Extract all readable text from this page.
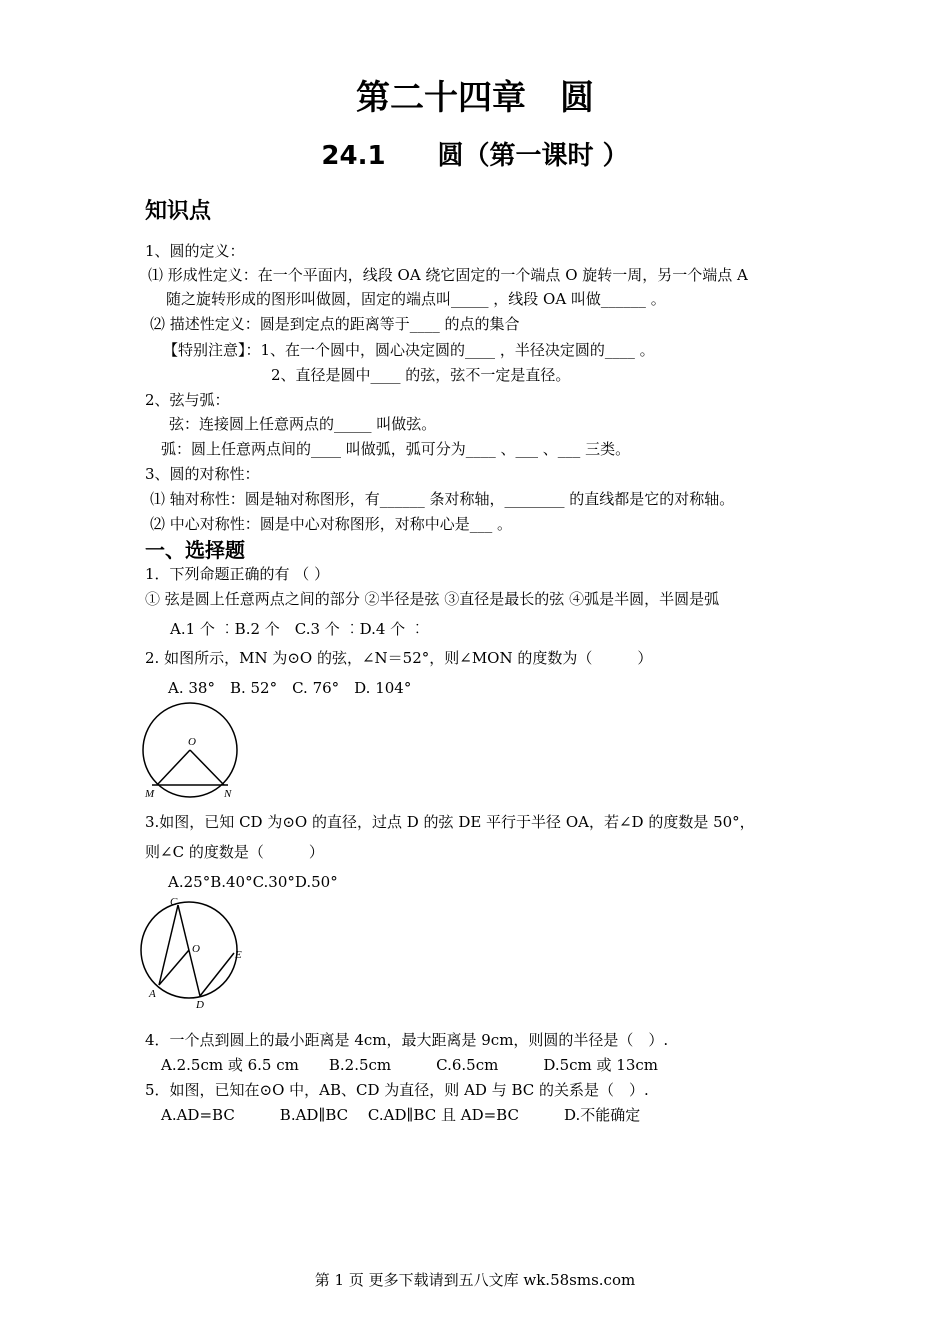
第二十四章　圆
24.1　　圆（第一课时 ）
知识点
1、圆的定义：
⑴ 形成性定义：在一个平面内，线段 OA 绕它固定的一个端点 O 旋转一周，另一个端点 A
随之旋转形成的图形叫做圆，固定的端点叫_____ ，线段 OA 叫做______ 。
⑵ 描述性定义：圆是到定点的距离等于____ 的点的集合
【特别注意】：1、在一个圆中，圆心决定圆的____ ，半径决定圆的____ 。
2、直径是圆中____ 的弦，弦不一定是直径。
2、弦与弧：
弦：连接圆上任意两点的_____ 叫做弦。
弧：圆上任意两点间的____ 叫做弧，弧可分为____ 、___ 、___ 三类。
3、圆的对称性：
⑴ 轴对称性：圆是轴对称图形，有______ 条对称轴，________ 的直线都是它的对称轴。
⑵ 中心对称性：圆是中心对称图形，对称中心是___ 。
一、选择题
1．下列命题正确的有 （ ）
① 弦是圆上任意两点之间的部分 ②半径是弦 ③直径是最长的弦 ④弧是半圆，半圆是弧
A.1 个 ︰B.2 个　C.3 个 ︰D.4 个 ︰
2. 如图所示，MN 为⊙O 的弦，∠N＝52°，则∠MON 的度数为（　　　）
A. 38°　B. 52°　C. 76°　D. 104°
O
M	N
3.如图，已知 CD 为⊙O 的直径，过点 D 的弦 DE 平行于半径 OA，若∠D 的度数是 50°，
则∠C 的度数是（　　　）
A.25°B.40°C.30°D.50°
C
O	E
A
D
4．一个点到圆上的最小距离是 4cm，最大距离是 9cm，则圆的半径是（　）.
A.2.5cm 或 6.5 cm　　B.2.5cm　　　C.6.5cm　　　D.5cm 或 13cm
5．如图，已知在⊙O 中，AB、CD 为直径，则 AD 与 BC 的关系是（　）.
A.AD=BC　　　B.AD∥BC　 C.AD∥BC 且 AD=BC　　　D.不能确定
第 1 页 更多下载请到五八文库 wk.58sms.com
